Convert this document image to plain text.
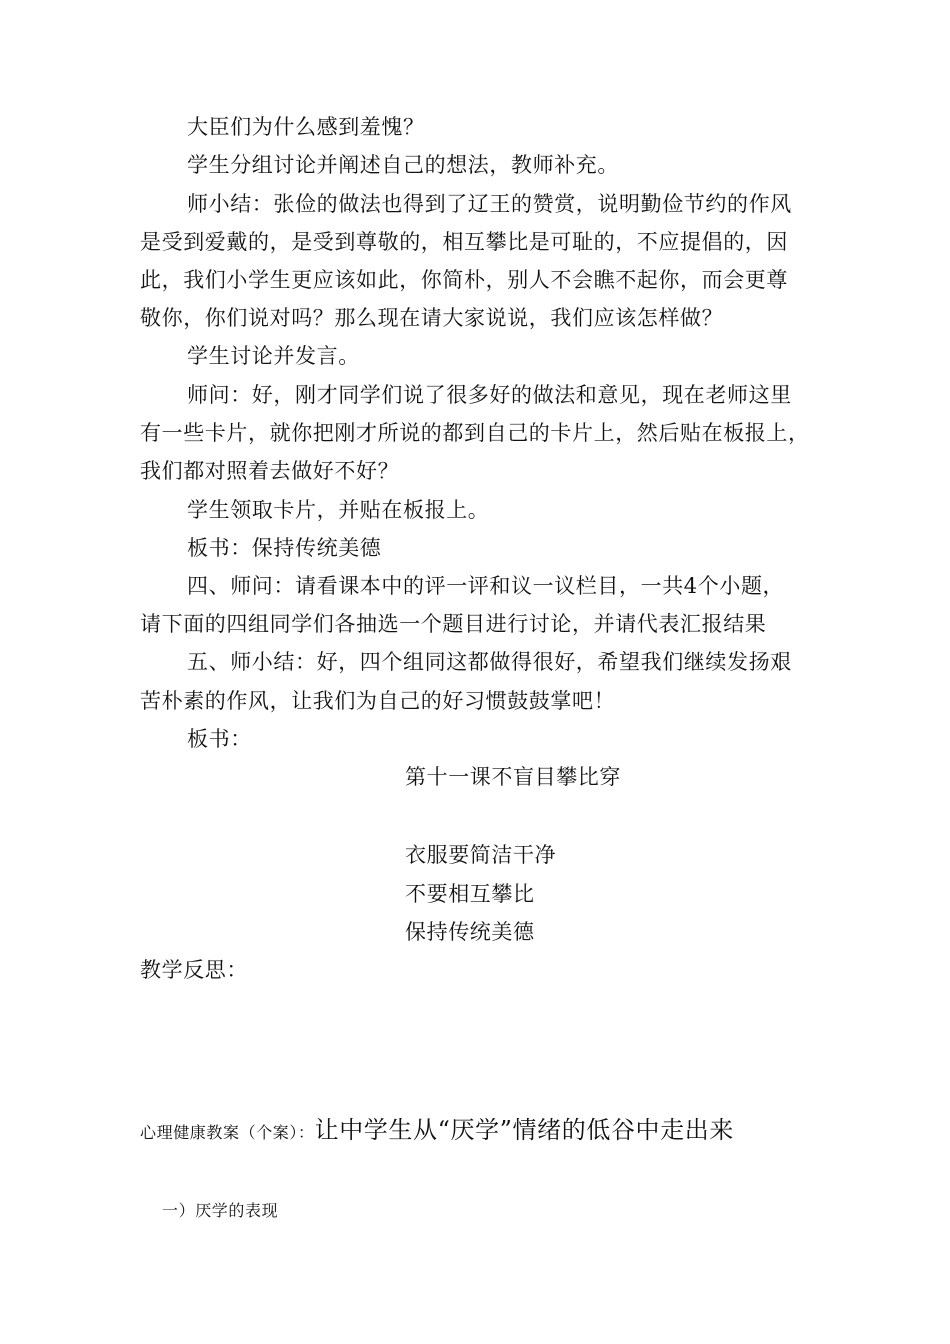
大臣们为什么感到羞愧？
学生分组讨论并阐述自己的想法，教师补充。
师小结：张俭的做法也得到了辽王的赞赏，说明勤俭节约的作风
是受到爱戴的，是受到尊敬的，相互攀比是可耻的，不应提倡的，因
此，我们小学生更应该如此，你简朴，别人不会瞧不起你，而会更尊
敬你，你们说对吗？那么现在请大家说说，我们应该怎样做？
学生讨论并发言。
师问：好，刚才同学们说了很多好的做法和意见，现在老师这里
有一些卡片，就你把刚才所说的都到自己的卡片上，然后贴在板报上，
我们都对照着去做好不好？
学生领取卡片，并贴在板报上。
板书：保持传统美德
四、师问：请看课本中的评一评和议一议栏目，一共4个小题，
请下面的四组同学们各抽选一个题目进行讨论，并请代表汇报结果
五、师小结：好，四个组同这都做得很好，希望我们继续发扬艰
苦朴素的作风，让我们为自己的好习惯鼓鼓掌吧！
板书：
第十一课不盲目攀比穿
衣服要简洁干净
不要相互攀比
保持传统美德
教学反思：
心理健康教案（个案）：让中学生从“厌学”情绪的低谷中走出来
一）厌学的表现
